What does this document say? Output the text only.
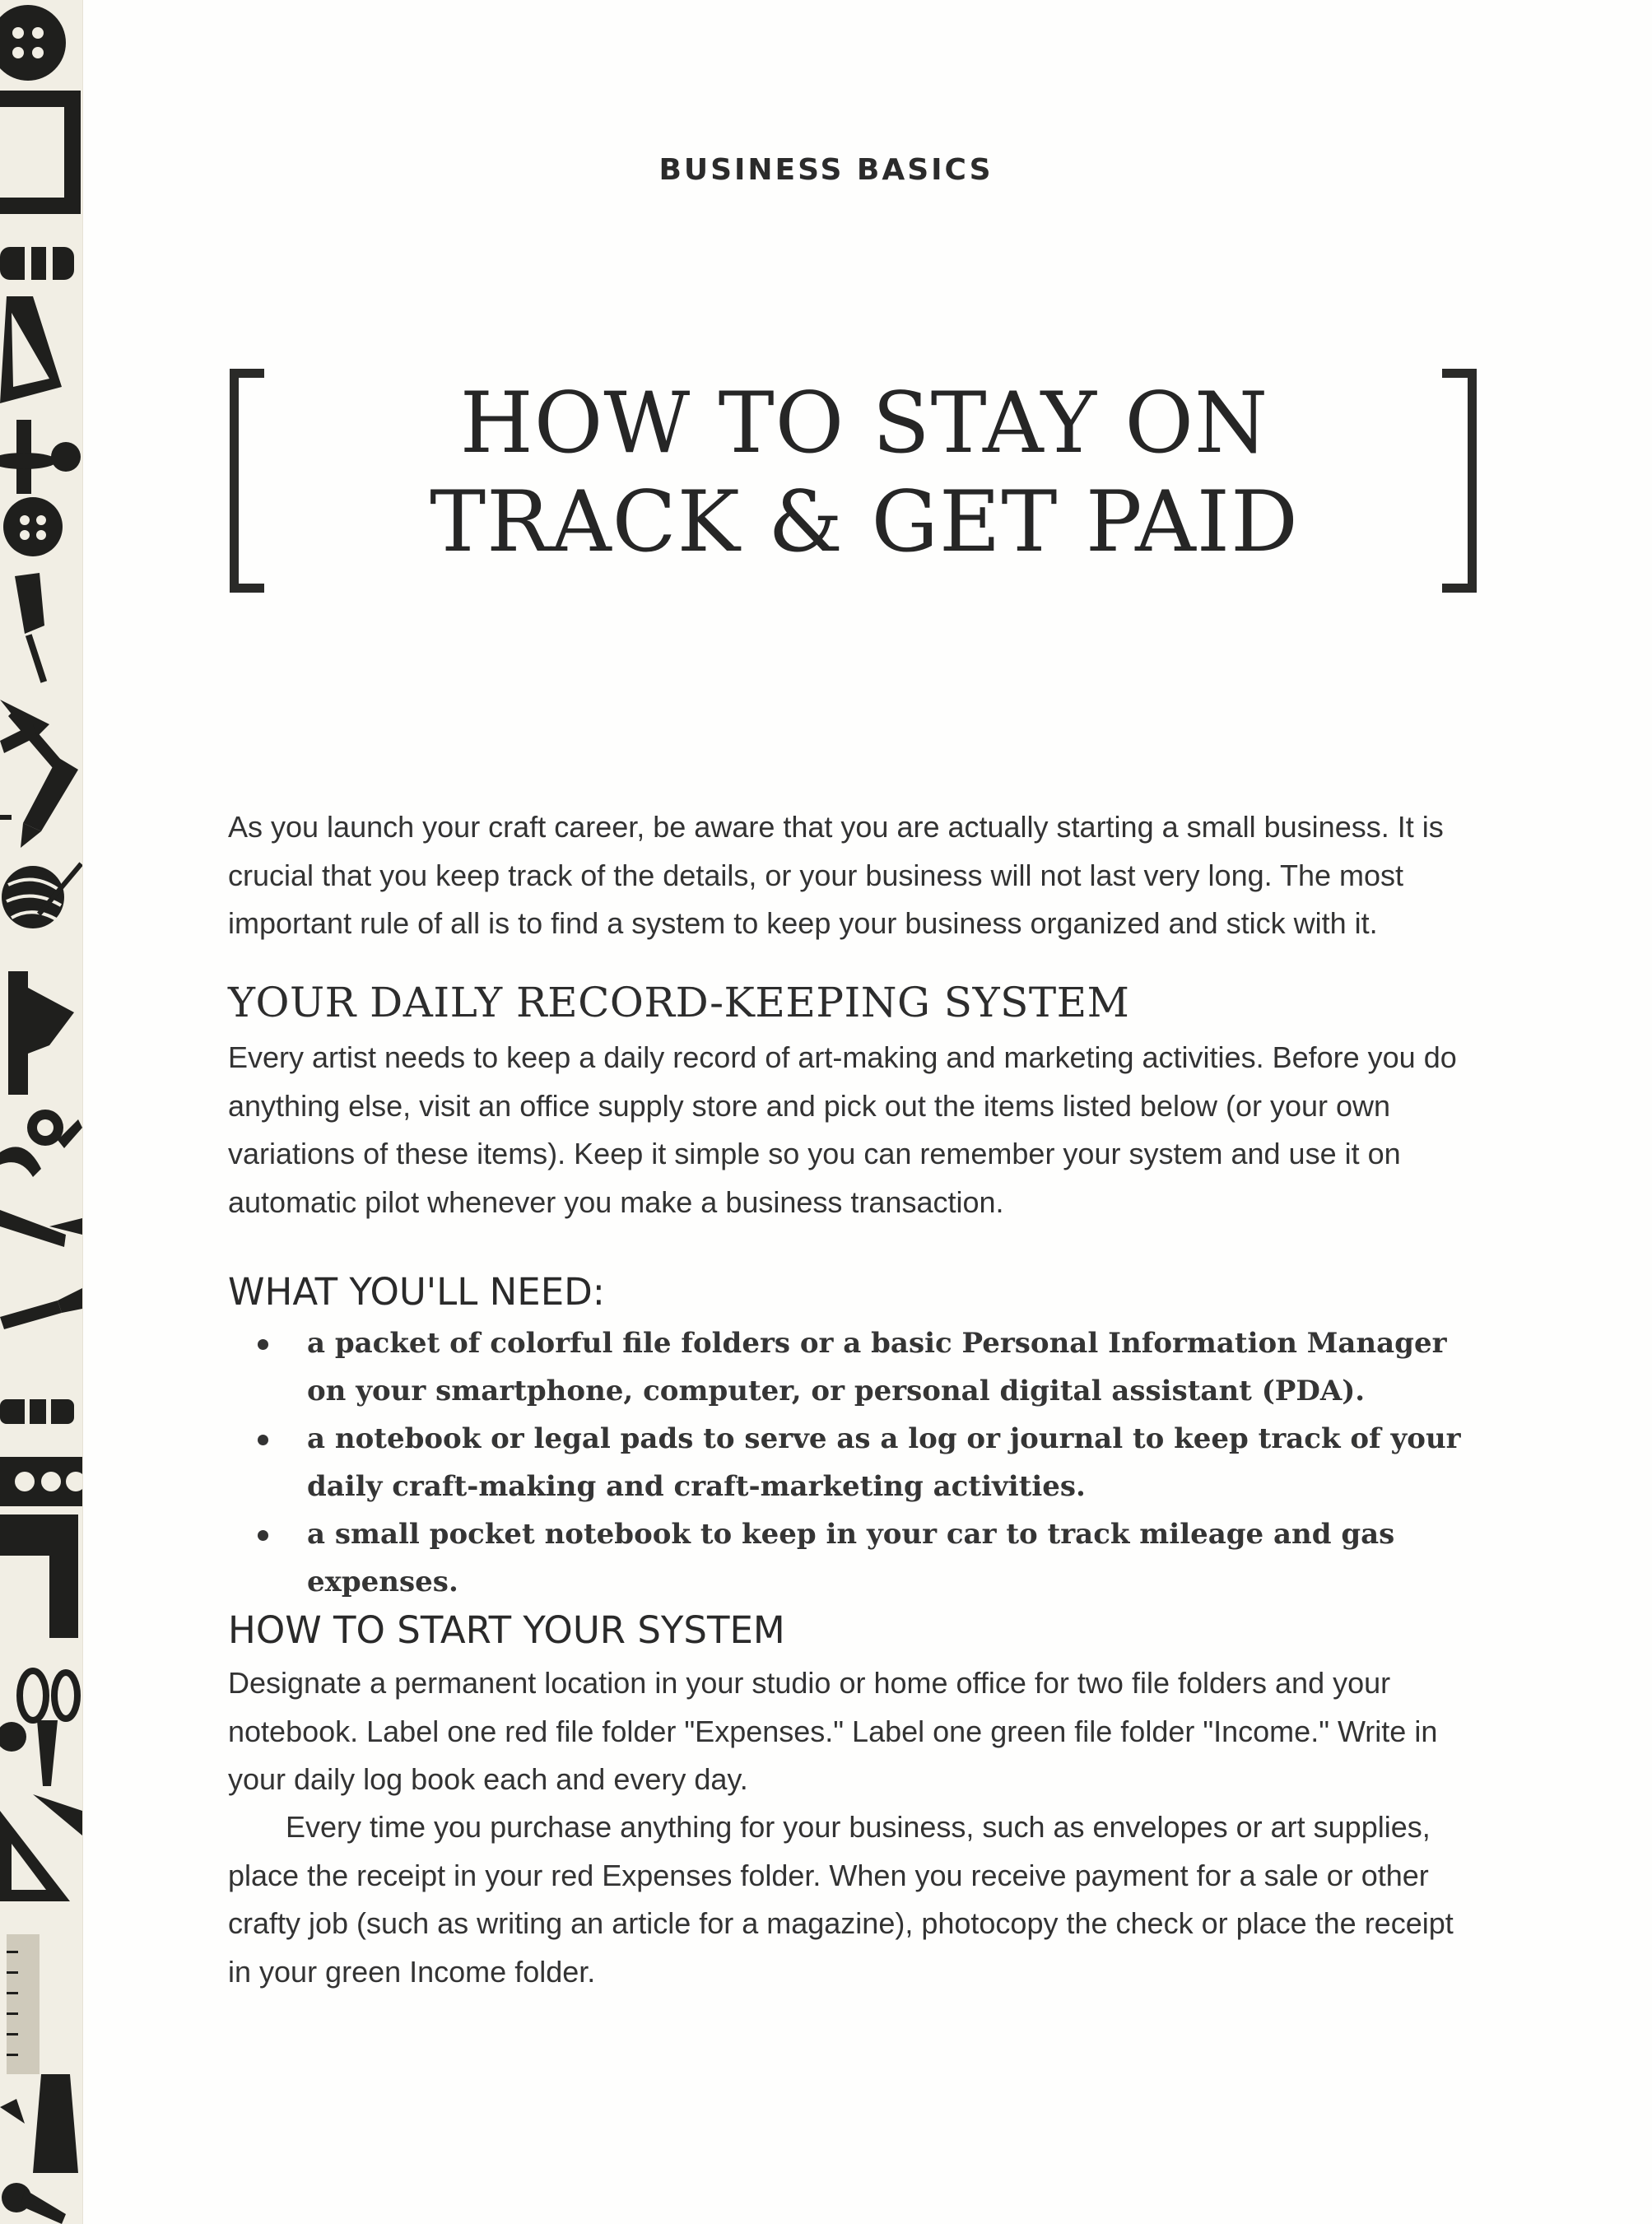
BUSINESS BASICS
HOW TO STAY ON
TRACK & GET PAID

As you launch your craft career, be aware that you are actually starting a small business. It is crucial that you keep track of the details, or your business will not last very long. The most important rule of all is to find a system to keep your business organized and stick with it.

YOUR DAILY RECORD-KEEPING SYSTEM

Every artist needs to keep a daily record of art-making and marketing activities. Before you do anything else, visit an office supply store and pick out the items listed below (or your own variations of these items). Keep it simple so you can remember your system and use it on automatic pilot whenever you make a business transaction.

WHAT YOU'LL NEED:
a packet of colorful file folders or a basic Personal Information Manager on your smartphone, computer, or personal digital assistant (PDA).
a notebook or legal pads to serve as a log or journal to keep track of your daily craft-making and craft-marketing activities.
a small pocket notebook to keep in your car to track mileage and gas expenses.
HOW TO START YOUR SYSTEM

Designate a permanent location in your studio or home office for two file folders and your notebook. Label one red file folder "Expenses." Label one green file folder "Income." Write in your daily log book each and every day.

Every time you purchase anything for your business, such as envelopes or art supplies, place the receipt in your red Expenses folder. When you receive payment for a sale or other crafty job (such as writing an article for a magazine), photocopy the check or place the receipt in your green Income folder.
